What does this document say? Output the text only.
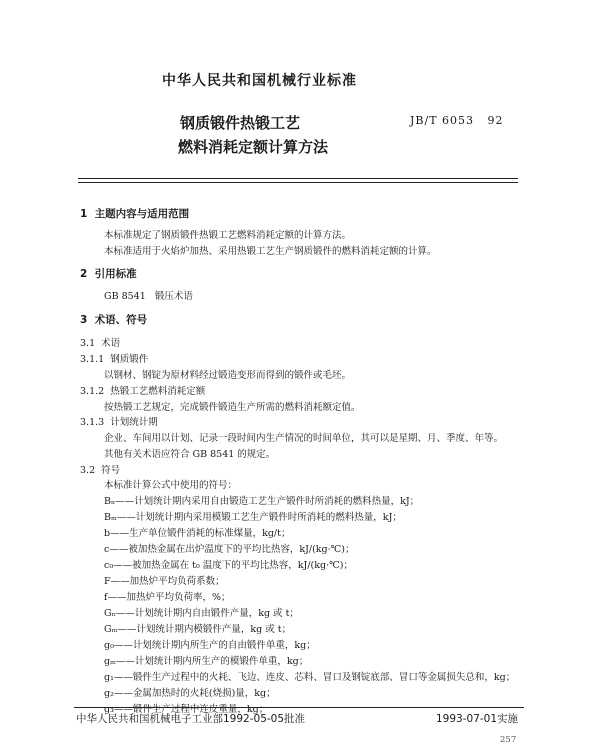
中华人民共和国机械行业标准
钢质锻件热锻工艺
燃料消耗定额计算方法
JB/T 6053   92
1  主题内容与适用范围
本标准规定了钢质锻件热锻工艺燃料消耗定额的计算方法。
本标准适用于火焰炉加热、采用热锻工艺生产钢质锻件的燃料消耗定额的计算。
2  引用标准
GB 8541   锻压术语
3  术语、符号
3.1  术语
3.1.1  钢质锻件
以钢材、钢锭为原材料经过锻造变形而得到的锻件或毛坯。
3.1.2  热锻工艺燃料消耗定额
按热锻工艺规定，完成锻件锻造生产所需的燃料消耗额定值。
3.1.3  计划统计期
企业、车间用以计划、记录一段时间内生产情况的时间单位，其可以是星期、月、季度、年等。
其他有关术语应符合 GB 8541 的规定。
3.2  符号
本标准计算公式中使用的符号：
Bₙ——计划统计期内采用自由锻造工艺生产锻件时所消耗的燃料热量，kJ；
Bₘ——计划统计期内采用模锻工艺生产锻件时所消耗的燃料热量，kJ；
b——生产单位锻件消耗的标准煤量，kg/t；
c——被加热金属在出炉温度下的平均比热容，kJ/(kg·℃)；
c₀——被加热金属在 t₀ 温度下的平均比热容，kJ/(kg·℃)；
F——加热炉平均负荷系数；
f——加热炉平均负荷率，%；
Gₙ——计划统计期内自由锻件产量，kg 或 t；
Gₘ——计划统计期内模锻件产量，kg 或 t；
g₀——计划统计期内所生产的自由锻件单重，kg；
gₘ——计划统计期内所生产的模锻件单重，kg；
g₁——锻件生产过程中的火耗、飞边、连皮、芯料、冒口及钢锭底部、冒口等金属损失总和，kg；
g₂——金属加热时的火耗(烧损)量，kg；
g₃——锻件生产过程中连皮重量，kg；
中华人民共和国机械电子工业部1992-05-05批准	1993-07-01实施
257
